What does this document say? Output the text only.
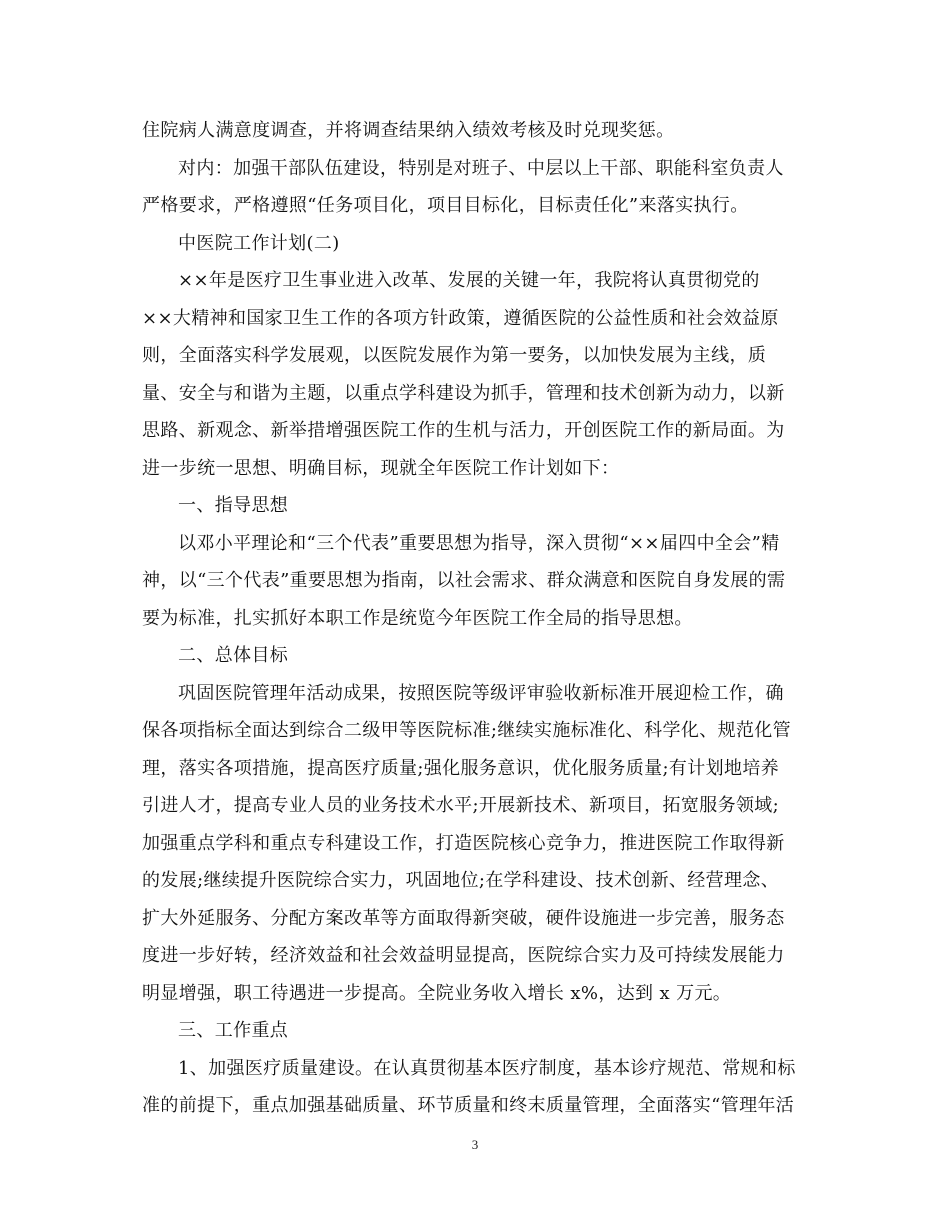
住院病人满意度调查，并将调查结果纳入绩效考核及时兑现奖惩。
对内：加强干部队伍建设，特别是对班子、中层以上干部、职能科室负责人
严格要求，严格遵照“任务项目化，项目目标化，目标责任化”来落实执行。
中医院工作计划(二)
××年是医疗卫生事业进入改革、发展的关键一年，我院将认真贯彻党的
××大精神和国家卫生工作的各项方针政策，遵循医院的公益性质和社会效益原
则，全面落实科学发展观，以医院发展作为第一要务，以加快发展为主线，质
量、安全与和谐为主题，以重点学科建设为抓手，管理和技术创新为动力，以新
思路、新观念、新举措增强医院工作的生机与活力，开创医院工作的新局面。为
进一步统一思想、明确目标，现就全年医院工作计划如下：
一、指导思想
以邓小平理论和“三个代表”重要思想为指导，深入贯彻“××届四中全会”精
神，以“三个代表”重要思想为指南，以社会需求、群众满意和医院自身发展的需
要为标准，扎实抓好本职工作是统览今年医院工作全局的指导思想。
二、总体目标
巩固医院管理年活动成果，按照医院等级评审验收新标准开展迎检工作，确
保各项指标全面达到综合二级甲等医院标准;继续实施标准化、科学化、规范化管
理，落实各项措施，提高医疗质量;强化服务意识，优化服务质量;有计划地培养
引进人才，提高专业人员的业务技术水平;开展新技术、新项目，拓宽服务领域;
加强重点学科和重点专科建设工作，打造医院核心竞争力，推进医院工作取得新
的发展;继续提升医院综合实力，巩固地位;在学科建设、技术创新、经营理念、
扩大外延服务、分配方案改革等方面取得新突破，硬件设施进一步完善，服务态
度进一步好转，经济效益和社会效益明显提高，医院综合实力及可持续发展能力
明显增强，职工待遇进一步提高。全院业务收入增长 x%，达到 x 万元。
三、工作重点
1、加强医疗质量建设。在认真贯彻基本医疗制度，基本诊疗规范、常规和标
准的前提下，重点加强基础质量、环节质量和终末质量管理，全面落实“管理年活
3
